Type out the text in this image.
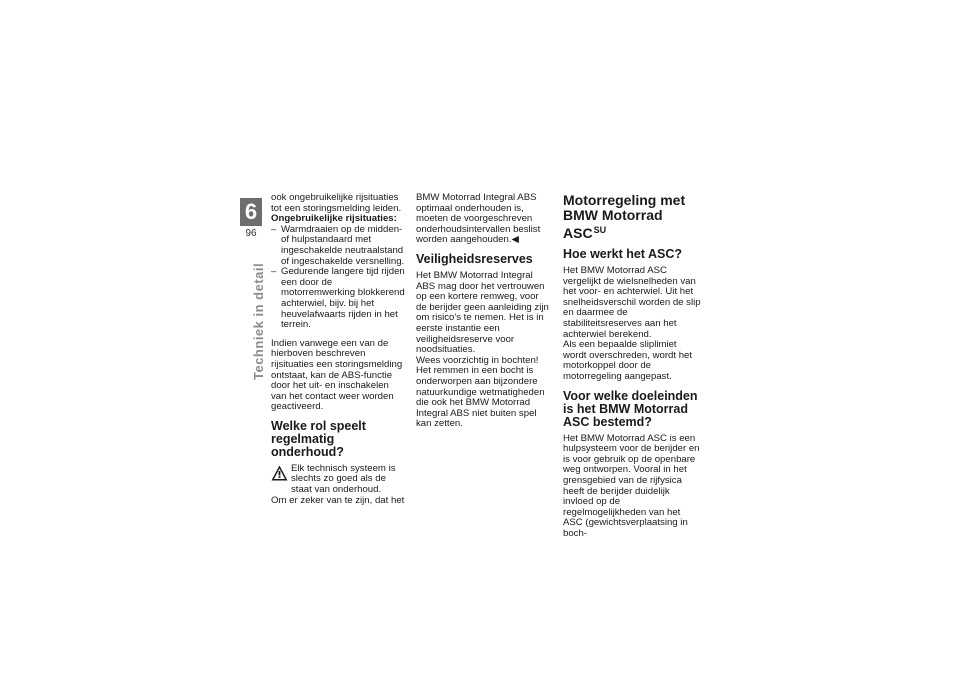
6
96
Techniek in detail

ook ongebruikelijke rijsituaties tot een storingsmelding leiden.

Ongebruikelijke rijsituaties:

– Warmdraaien op de midden- of hulpstandaard met ingeschakelde neutraalstand of ingeschakelde versnelling.
– Gedurende langere tijd rijden een door de motorremwerking blokkerend achterwiel, bijv. bij het heuvelafwaarts rijden in het terrein.

Indien vanwege een van de hierboven beschreven rijsituaties een storingsmelding ontstaat, kan de ABS-functie door het uit- en inschakelen van het contact weer worden geactiveerd.

Welke rol speelt regelmatig onderhoud?
Elk technisch systeem is slechts zo goed als de staat van onderhoud.

Om er zeker van te zijn, dat het

BMW Motorrad Integral ABS optimaal onderhouden is, moeten de voorgeschreven onderhoudsintervallen beslist worden aangehouden.◀

Veiligheidsreserves

Het BMW Motorrad Integral ABS mag door het vertrouwen op een kortere remweg, voor de berijder geen aanleiding zijn om risico's te nemen. Het is in eerste instantie een veiligheidsreserve voor noodsituaties.

Wees voorzichtig in bochten! Het remmen in een bocht is onderworpen aan bijzondere natuurkundige wetmatigheden die ook het BMW Motorrad Integral ABS niet buiten spel kan zetten.

Motorregeling met BMW Motorrad $ASC^{SU}$
Hoe werkt het ASC?

Het BMW Motorrad ASC vergelijkt de wielsnelheden van het voor- en achterwiel. Uit het snelheidsverschil worden de slip en daarmee de stabiliteitsreserves aan het achterwiel berekend.

Als een bepaalde sliplimiet wordt overschreden, wordt het motorkoppel door de motorregeling aangepast.

Voor welke doeleinden is het BMW Motorrad ASC bestemd?

Het BMW Motorrad ASC is een hulpsysteem voor de berijder en is voor gebruik op de openbare weg ontworpen. Vooral in het grensgebied van de rijfysica heeft de berijder duidelijk invloed op de regelmogelijkheden van het ASC (gewichtsverplaatsing in boch-
